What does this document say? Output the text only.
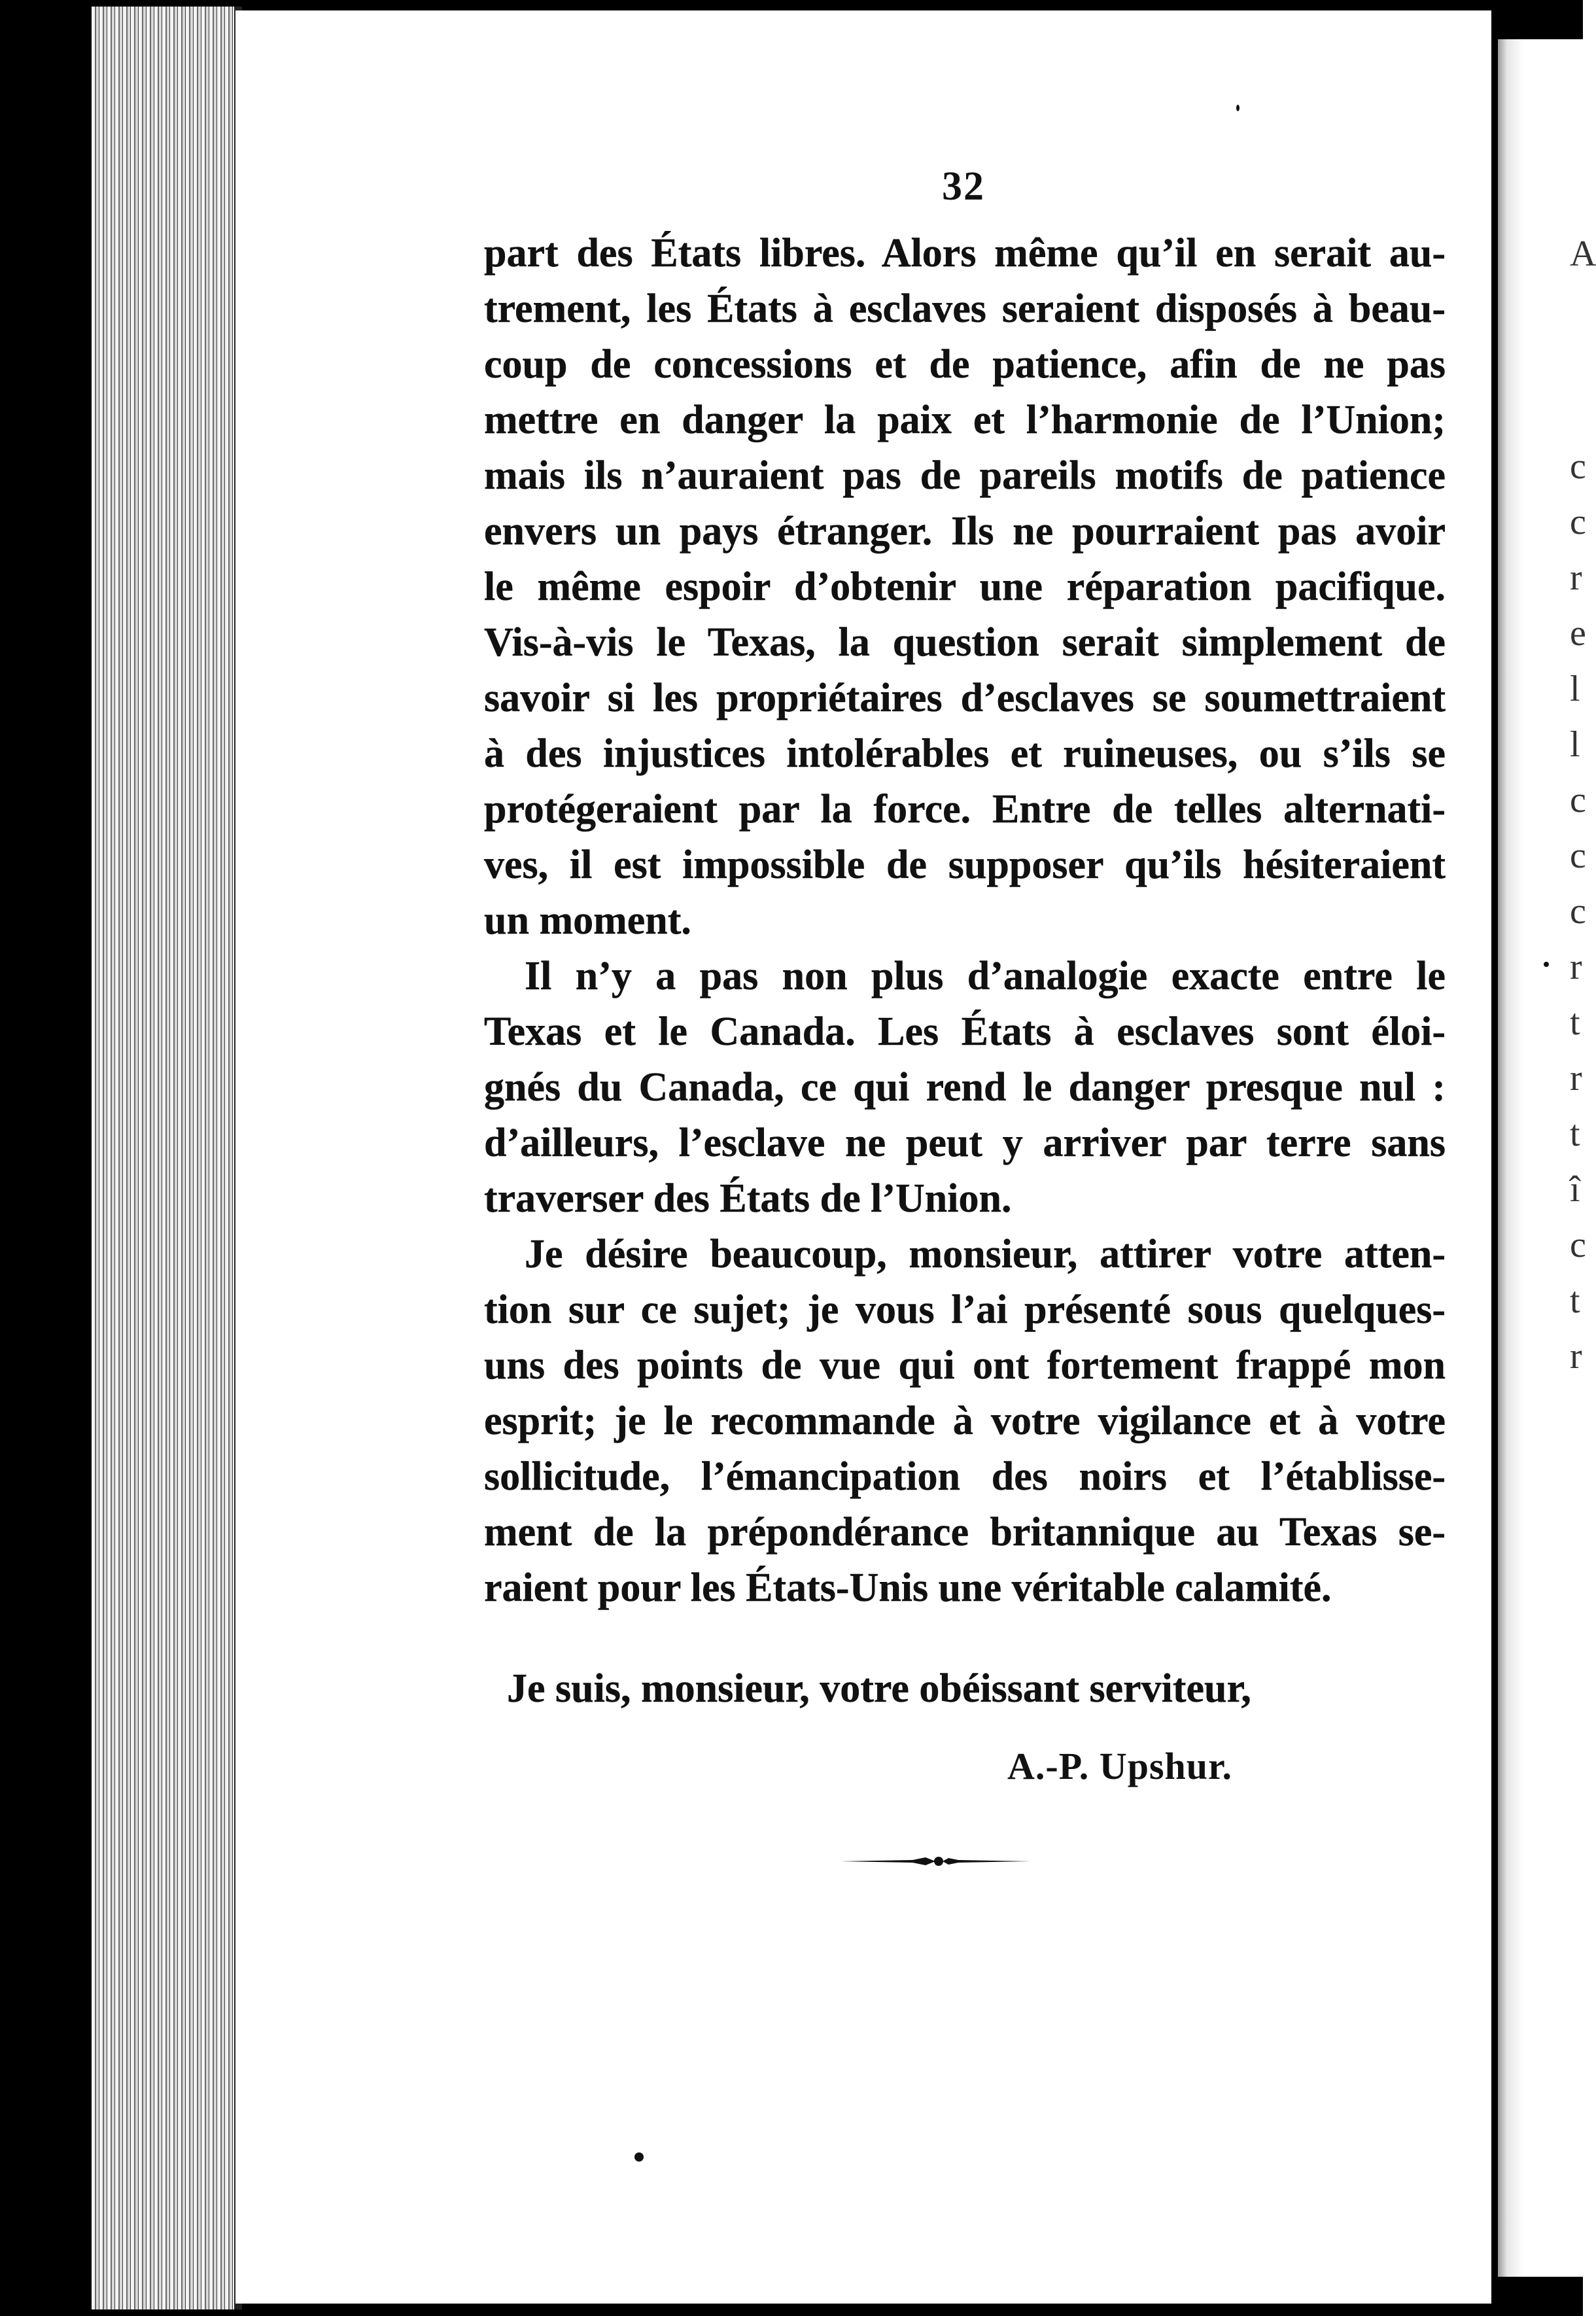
A
c
c
r
e
l
l
c
c
c
r
t
r
t
î
c
t
r
32

part des États libres. Alors même qu’il en serait au-
trement, les États à esclaves seraient disposés à beau-
coup de concessions et de patience, afin de ne pas
mettre en danger la paix et l’harmonie de l’Union;
mais ils n’auraient pas de pareils motifs de patience
envers un pays étranger. Ils ne pourraient pas avoir
le même espoir d’obtenir une réparation pacifique.
Vis-à-vis le Texas, la question serait simplement de
savoir si les propriétaires d’esclaves se soumettraient
à des injustices intolérables et ruineuses, ou s’ils se
protégeraient par la force. Entre de telles alternati-
ves, il est impossible de supposer qu’ils hésiteraient
un moment.

Il n’y a pas non plus d’analogie exacte entre le
Texas et le Canada. Les États à esclaves sont éloi-
gnés du Canada, ce qui rend le danger presque nul :
d’ailleurs, l’esclave ne peut y arriver par terre sans
traverser des États de l’Union.

Je désire beaucoup, monsieur, attirer votre atten-
tion sur ce sujet; je vous l’ai présenté sous quelques-
uns des points de vue qui ont fortement frappé mon
esprit; je le recommande à votre vigilance et à votre
sollicitude, l’émancipation des noirs et l’établisse-
ment de la prépondérance britannique au Texas se-
raient pour les États-Unis une véritable calamité.

Je suis, monsieur, votre obéissant serviteur,
A.-P. Upshur.
